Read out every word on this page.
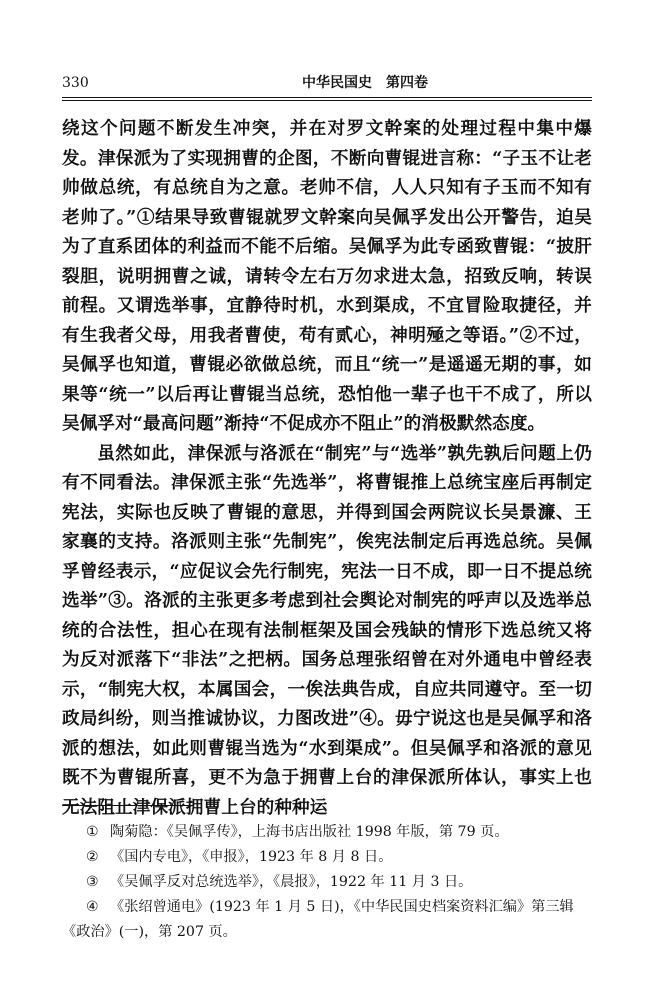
330	中华民国史　第四卷

绕这个问题不断发生冲突，并在对罗文幹案的处理过程中集中爆发。津保派为了实现拥曹的企图，不断向曹锟进言称：“子玉不让老帅做总统，有总统自为之意。老帅不信，人人只知有子玉而不知有老帅了。”①结果导致曹锟就罗文幹案向吴佩孚发出公开警告，迫吴为了直系团体的利益而不能不后缩。吴佩孚为此专函致曹锟：“披肝裂胆，说明拥曹之诚，请转令左右万勿求进太急，招致反响，转误前程。又谓选举事，宜静待时机，水到渠成，不宜冒险取捷径，并有生我者父母，用我者曹使，苟有贰心，神明殛之等语。”②不过，吴佩孚也知道，曹锟必欲做总统，而且“统一”是遥遥无期的事，如果等“统一”以后再让曹锟当总统，恐怕他一辈子也干不成了，所以吴佩孚对“最高问题”渐持“不促成亦不阻止”的消极默然态度。

虽然如此，津保派与洛派在“制宪”与“选举”孰先孰后问题上仍有不同看法。津保派主张“先选举”，将曹锟推上总统宝座后再制定宪法，实际也反映了曹锟的意思，并得到国会两院议长吴景濂、王家襄的支持。洛派则主张“先制宪”，俟宪法制定后再选总统。吴佩孚曾经表示，“应促议会先行制宪，宪法一日不成，即一日不提总统选举”③。洛派的主张更多考虑到社会舆论对制宪的呼声以及选举总统的合法性，担心在现有法制框架及国会残缺的情形下选总统又将为反对派落下“非法”之把柄。国务总理张绍曾在对外通电中曾经表示，“制宪大权，本属国会，一俟法典告成，自应共同遵守。至一切政局纠纷，则当推诚协议，力图改进”④。毋宁说这也是吴佩孚和洛派的想法，如此则曹锟当选为“水到渠成”。但吴佩孚和洛派的意见既不为曹锟所喜，更不为急于拥曹上台的津保派所体认，事实上也无法阻止津保派拥曹上台的种种运

① 陶菊隐：《吴佩孚传》，上海书店出版社 1998 年版，第 79 页。
② 《国内专电》，《申报》，1923 年 8 月 8 日。
③ 《吴佩孚反对总统选举》，《晨报》，1922 年 11 月 3 日。
④ 《张绍曾通电》(1923 年 1 月 5 日)，《中华民国史档案资料汇编》第三辑《政治》(一)，第 207 页。
